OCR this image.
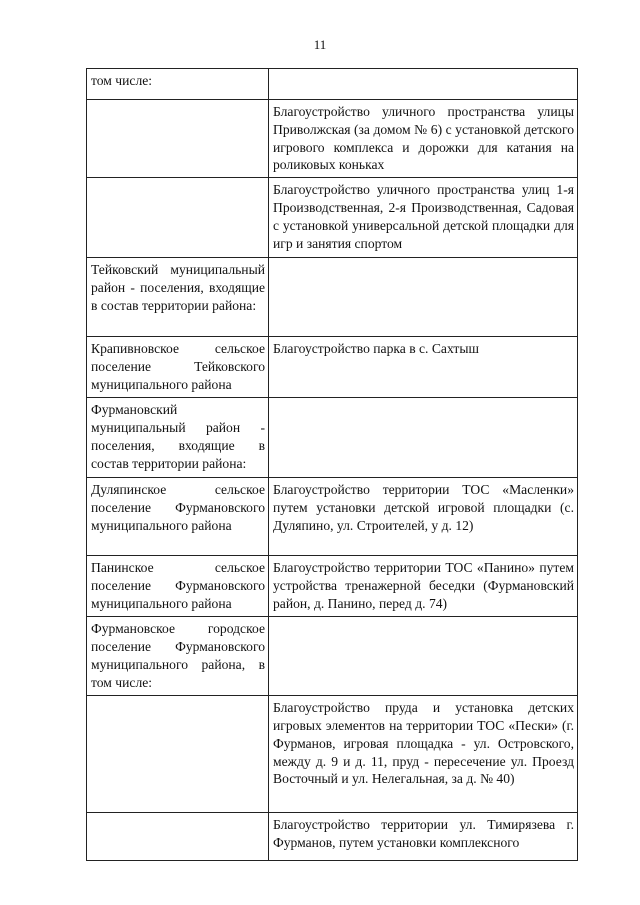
11
том числе:	
	Благоустройство уличного пространства улицы Приволжская (за домом № 6) с установкой детского игрового комплекса и дорожки для катания на роликовых коньках
	Благоустройство уличного пространства улиц 1-я Производственная, 2-я Производственная, Садовая с установкой универсальной детской площадки для игр и занятия спортом
Тейковский муниципальный район - поселения, входящие в состав территории района:	
Крапивновское сельское поселение Тейковского муниципального района	Благоустройство парка в с. Сахтыш
Фурмановский муниципальный район - поселения, входящие в состав территории района:	
Дуляпинское сельское поселение Фурмановского муниципального района	Благоустройство территории ТОС «Масленки» путем установки детской игровой площадки (с. Дуляпино, ул. Строителей, у д. 12)
Панинское сельское поселение Фурмановского муниципального района	Благоустройство территории ТОС «Панино» путем устройства тренажерной беседки (Фурмановский район, д. Панино, перед д. 74)
Фурмановское городское поселение Фурмановского муниципального района, в том числе:	
	Благоустройство пруда и установка детских игровых элементов на территории ТОС «Пески» (г. Фурманов, игровая площадка - ул. Островского, между д. 9 и д. 11, пруд - пересечение ул. Проезд Восточный и ул. Нелегальная, за д. № 40)
	Благоустройство территории ул. Тимирязева г. Фурманов, путем установки комплексного
